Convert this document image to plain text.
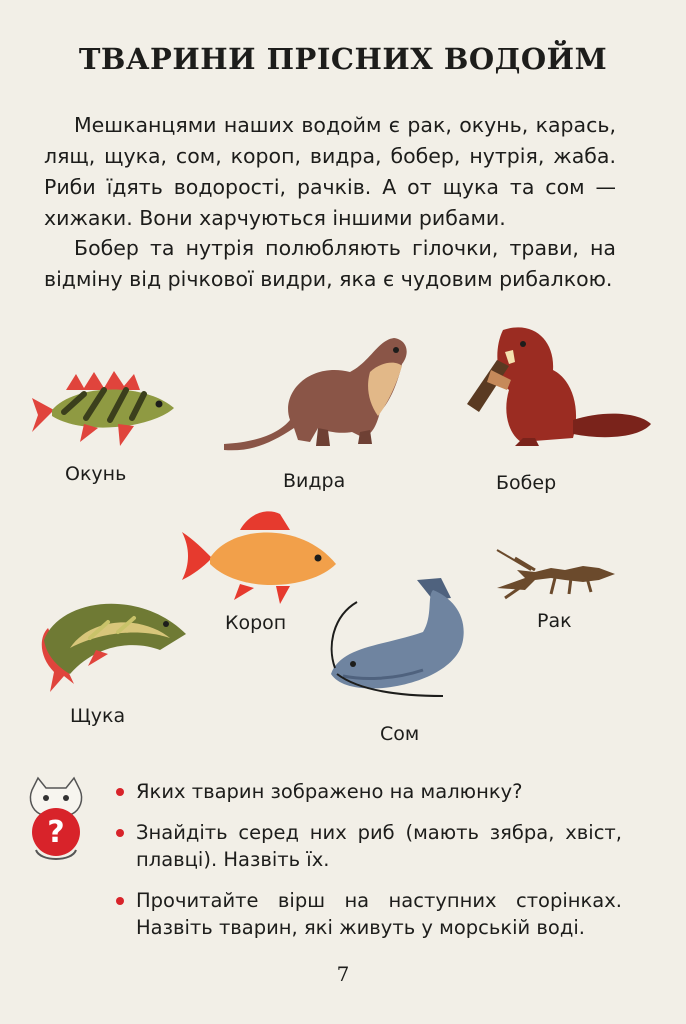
ТВАРИНИ ПРІСНИХ ВОДОЙМ

Мешканцями наших водойм є рак, окунь, карась, лящ, щука, сом, короп, видра, бобер, нутрія, жаба. Риби їдять водорості, рачків. А от щука та сом — хижаки. Вони харчуються іншими рибами.

Бобер та нутрія полюбляють гілочки, трави, на відміну від річкової видри, яка є чудовим рибалкою.

Окунь	Видра	Бобер
Короп	Рак
Щука
Сом
?
Яких тварин зображено на малюнку?
Знайдіть серед них риб (мають зябра, хвіст, плавці). Назвіть їх.
Прочитайте вірш на наступних сторінках. Назвіть тварин, які живуть у морській воді.
7
